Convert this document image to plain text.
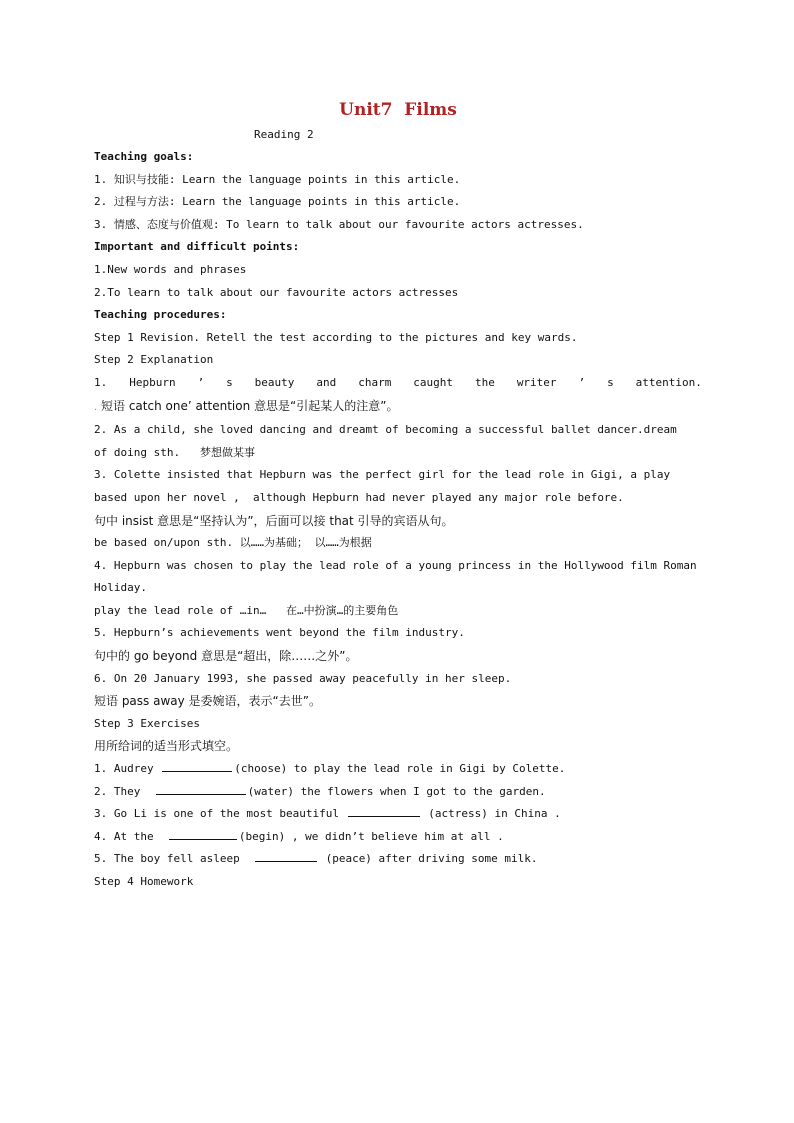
Unit7  Films

Reading 2

Teaching goals:

1. 知识与技能: Learn the language points in this article.

2. 过程与方法: Learn the language points in this article.

3. 情感、态度与价值观: To learn to talk about our favourite actors actresses.

Important and difficult points:

1.New words and phrases

2.To learn to talk about our favourite actors actresses

Teaching procedures:

Step 1 Revision. Retell the test according to the pictures and key wards.

Step 2 Explanation

1. Hepburn ’ s beauty and charm caught the writer ’ s attention.

. 短语 catch one’ attention 意思是“引起某人的注意”。

2. As a child, she loved dancing and dreamt of becoming a successful ballet dancer.dream

of doing sth.   梦想做某事

3. Colette insisted that Hepburn was the perfect girl for the lead role in Gigi, a play

based upon her novel ,  although Hepburn had never played any major role before.

句中 insist 意思是“坚持认为”，后面可以接 that 引导的宾语从句。

be based on/upon sth. 以……为基础； 以……为根据

4. Hepburn was chosen to play the lead role of a young princess in the Hollywood film Roman

Holiday.

play the lead role of …in…   在…中扮演…的主要角色

5. Hepburn’s achievements went beyond the film industry.

句中的 go beyond 意思是“超出，除……之外”。

6. On 20 January 1993, she passed away peacefully in her sleep.

短语 pass away 是委婉语，表示“去世”。

Step 3 Exercises

用所给词的适当形式填空。

1. Audrey	(choose) to play the lead role in Gigi by Colette.

2. They	(water) the flowers when I got to the garden.

3. Go Li is one of the most beautiful	(actress) in China .

4. At the	(begin) , we didn’t believe him at all .

5. The boy fell asleep	(peace) after driving some milk.

Step 4 Homework
